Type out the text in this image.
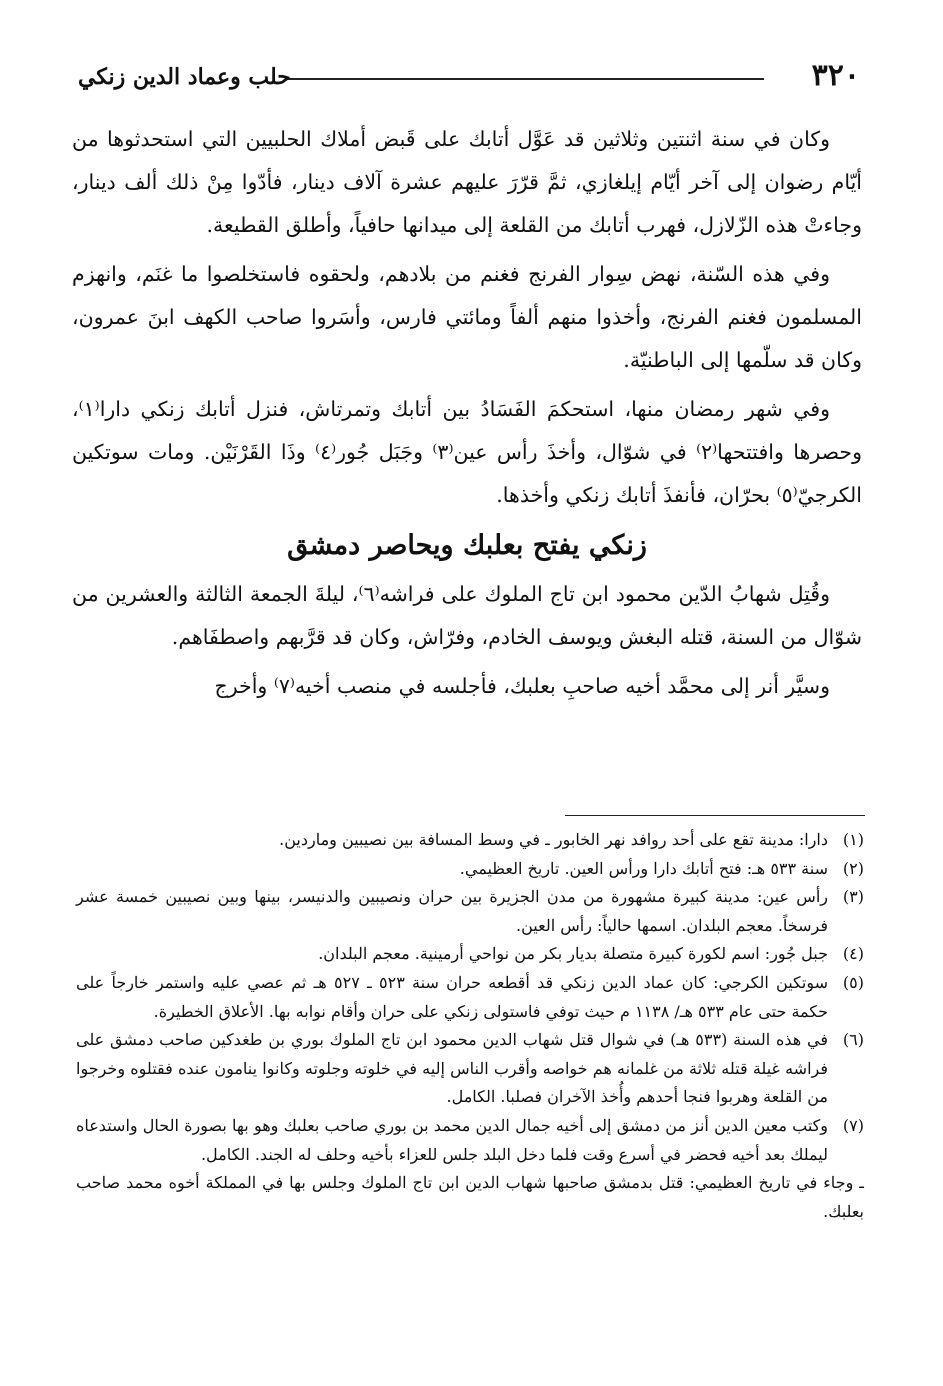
٣٢٠
حلب وعماد الدين زنكي

وكان في سنة اثنتين وثلاثين قد عَوَّل أتابك على قَبض أملاك الحلبيين التي استحدثوها من أيّام رضوان إلى آخر أيّام إيلغازي، ثمَّ قرّرَ عليهم عشرة آلاف دينار، فأدّوا مِنْ ذلك ألف دينار، وجاءتْ هذه الزّلازل، فهرب أتابك من القلعة إلى ميدانها حافياً، وأطلق القطيعة.

وفي هذه السّنة، نهض سِوار الفرنج فغنم من بلادهم، ولحقوه فاستخلصوا ما غنَم، وانهزم المسلمون فغنم الفرنج، وأخذوا منهم ألفاً ومائتي فارس، وأسَروا صاحب الكهف ابنَ عمرون، وكان قد سلّمها إلى الباطنيّة.

وفي شهر رمضان منها، استحكمَ الفَسَادُ بين أتابك وتمرتاش، فنزل أتابك زنكي دارا⁽١⁾، وحصرها وافتتحها⁽٢⁾ في شوّال، وأخذَ رأس عين⁽٣⁾ وجَبَل جُور⁽٤⁾ وذَا القَرْنَيْن. ومات سوتكين الكرجيّ⁽٥⁾ بحرّان، فأنفذَ أتابك زنكي وأخذها.

زنكي يفتح بعلبك ويحاصر دمشق

وقُتِل شهابُ الدّين محمود ابن تاج الملوك على فراشه⁽٦⁾، ليلةَ الجمعة الثالثة والعشرين من شوّال من السنة، قتله البغش ويوسف الخادم، وفرّاش، وكان قد قرَّبهم واصطفَاهم.

وسيَّر أنر إلى محمَّد أخيه صاحبِ بعلبك، فأجلسه في منصب أخيه⁽٧⁾ وأخرج

(١)
دارا: مدينة تقع على أحد روافد نهر الخابور ـ في وسط المسافة بين نصيبين وماردين.
(٢)
سنة ٥٣٣ هـ: فتح أتابك دارا ورأس العين. تاريخ العظيمي.
(٣)
رأس عين: مدينة كبيرة مشهورة من مدن الجزيرة بين حران ونصيبين والدنيسر، بينها وبين نصيبين خمسة عشر فرسخاً. معجم البلدان. اسمها حالياً: رأس العين.
(٤)
جبل جُور: اسم لكورة كبيرة متصلة بديار بكر من نواحي أرمينية. معجم البلدان.
(٥)
سوتكين الكرجي: كان عماد الدين زنكي قد أقطعه حران سنة ٥٢٣ ـ ٥٢٧ هـ ثم عصي عليه واستمر خارجاً على حكمة حتى عام ٥٣٣ هـ/ ١١٣٨ م حيث توفي فاستولى زنكي على حران وأقام نوابه بها. الأعلاق الخطيرة.
(٦)
في هذه السنة (٥٣٣ هـ) في شوال قتل شهاب الدين محمود ابن تاج الملوك بوري بن طغدكين صاحب دمشق على فراشه غيلة قتله ثلاثة من غلمانه هم خواصه وأقرب الناس إليه في خلوته وجلوته وكانوا ينامون عنده فقتلوه وخرجوا من القلعة وهربوا فنجا أحدهم وأُخذ الآخران فصلبا. الكامل.
(٧)
وكتب معين الدين أنز من دمشق إلى أخيه جمال الدين محمد بن بوري صاحب بعلبك وهو بها بصورة الحال واستدعاه ليملك بعد أخيه فحضر في أسرع وقت فلما دخل البلد جلس للعزاء بأخيه وحلف له الجند. الكامل.
ـ وجاء في تاريخ العظيمي: قتل بدمشق صاحبها شهاب الدين ابن تاج الملوك وجلس بها في المملكة أخوه محمد صاحب بعلبك.
